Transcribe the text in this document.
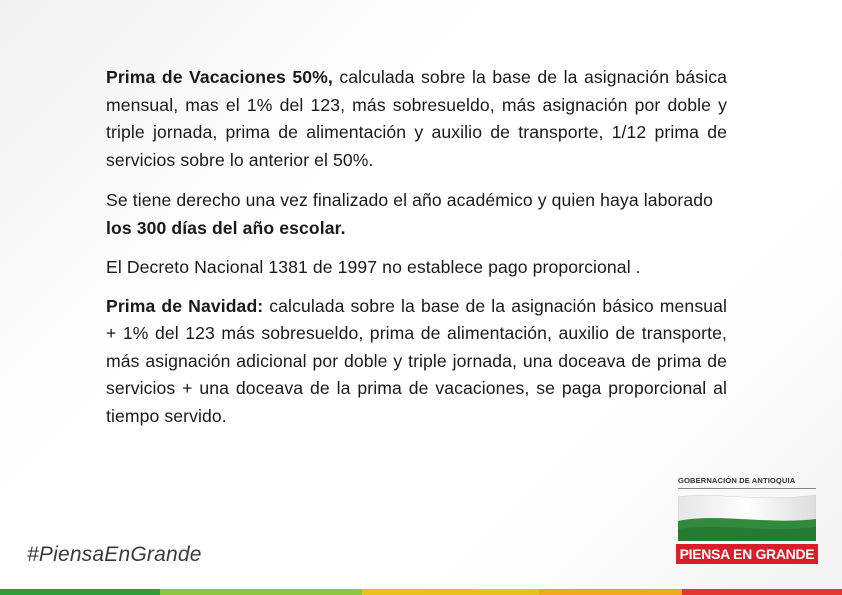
Prima de Vacaciones 50%, calculada sobre la base de la asignación básica mensual, mas el 1% del 123, más sobresueldo, más asignación por doble y triple jornada, prima de alimentación y auxilio de transporte, 1/12 prima de servicios sobre lo anterior el 50%.

Se tiene derecho una vez finalizado el año académico y quien haya laborado los 300 días del año escolar.

El Decreto Nacional 1381 de 1997 no establece pago proporcional .

Prima de Navidad: calculada sobre la base de la asignación básico mensual + 1% del 123 más sobresueldo, prima de alimentación, auxilio de transporte, más asignación adicional por doble y triple jornada, una doceava de prima de servicios + una doceava de la prima de vacaciones, se paga proporcional al tiempo servido.

#PiensaEnGrande
GOBERNACIÓN DE ANTIOQUIA
PIENSA EN GRANDE
